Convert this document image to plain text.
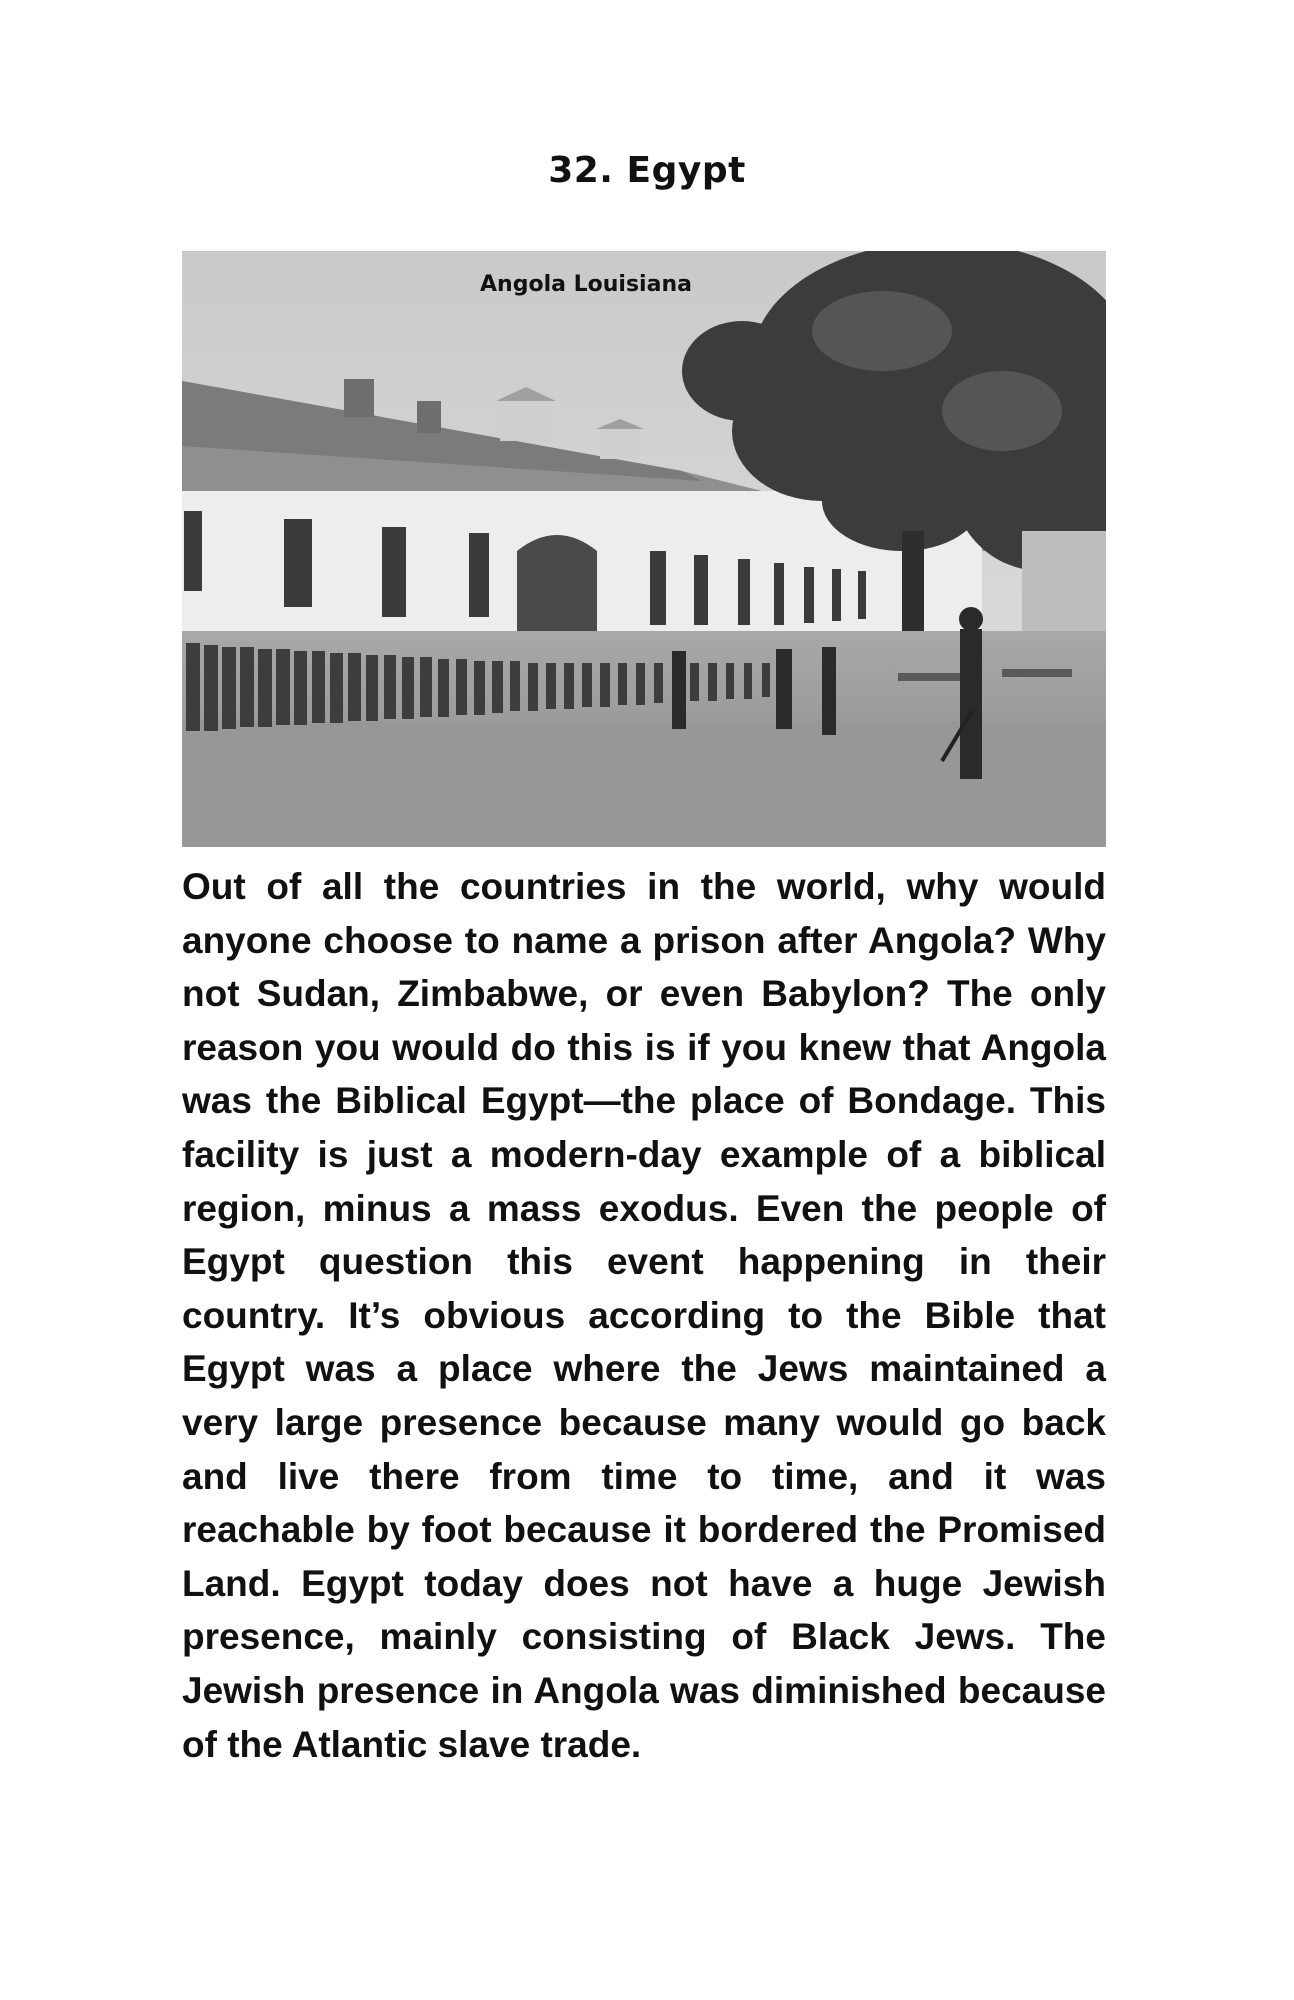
32. Egypt
Angola Louisiana

Out of all the countries in the world, why would anyone choose to name a prison after Angola? Why not Sudan, Zimbabwe, or even Babylon? The only reason you would do this is if you knew that Angola was the Biblical Egypt—the place of Bondage. This facility is just a modern-day example of a biblical region, minus a mass exodus. Even the people of Egypt question this event happening in their country. It’s obvious according to the Bible that Egypt was a place where the Jews maintained a very large presence because many would go back and live there from time to time, and it was reachable by foot because it bordered the Promised Land. Egypt today does not have a huge Jewish presence, mainly consisting of Black Jews. The Jewish presence in Angola was diminished because of the Atlantic slave trade.
